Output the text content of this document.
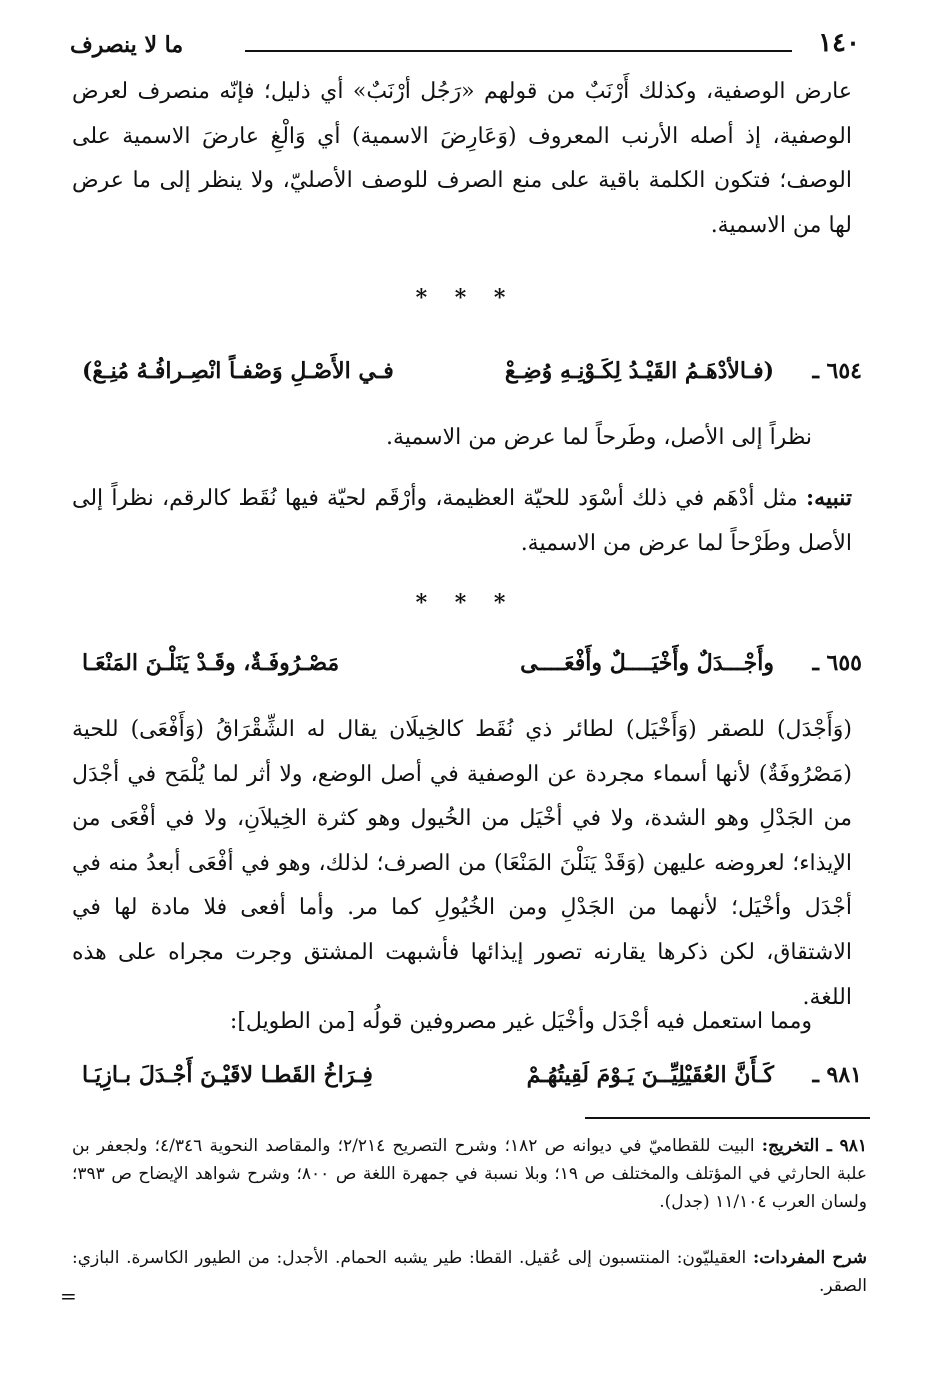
١٤٠
ما لا ينصرف
عارض الوصفية، وكذلك أَرْنَبٌ من قولهم «رَجُل أرْنَبٌ» أي ذليل؛ فإنّه منصرف لعرض الوصفية، إذ أصله الأرنب المعروف (وَعَارِضَ الاسمية) أي وَالْغِ عارضَ الاسمية على الوصف؛ فتكون الكلمة باقية على منع الصرف للوصف الأصليّ، ولا ينظر إلى ما عرض لها من الاسمية.
* * *
٦٥٤ ـ
(فـالأدْهَـمُ القَيْـدُ لِكَـوْنِـهِ وُضِـعْ
فـي الأَصْـلِ وَصْفـاً انْصِـرافُـهُ مُنِـعْ)
نظراً إلى الأصل، وطَرحاً لما عرض من الاسمية.
تنبيه: مثل أدْهَم في ذلك أسْوَد للحيّة العظيمة، وأرْقَم لحيّة فيها نُقَط كالرقم، نظراً إلى الأصل وطَرْحاً لما عرض من الاسمية.
* * *
٦٥٥ ـ
وأَجْـــدَلٌ وأَخْيَــــلٌ وأَفْعَــــى
مَصْـرُوفَـةٌ، وقَـدْ يَنَلْـنَ المَنْعَـا
(وَأَجْدَل) للصقر (وَأَخْيَل) لطائر ذي نُقَط كالخِيلَان يقال له الشِّقْرَاقُ (وَأَفْعَى) للحية (مَصْرُوفَةٌ) لأنها أسماء مجردة عن الوصفية في أصل الوضع، ولا أثر لما يُلْمَح في أجْدَل من الجَدْلِ وهو الشدة، ولا في أخْيَل من الخُيول وهو كثرة الخِيلاَنِ، ولا في أفْعَى من الإيذاء؛ لعروضه عليهن (وَقَدْ يَنَلْنَ المَنْعَا) من الصرف؛ لذلك، وهو في أفْعَى أبعدُ منه في أجْدَل وأخْيَل؛ لأنهما من الجَدْلِ ومن الخُيُولِ كما مر. وأما أفعى فلا مادة لها في الاشتقاق، لكن ذكرها يقارنه تصور إيذائها فأشبهت المشتق وجرت مجراه على هذه اللغة.
ومما استعمل فيه أجْدَل وأخْيَل غير مصروفين قولُه [من الطويل]:
٩٨١ ـ
كَـأَنَّ العُقَيْلِيِّــنَ يَـوْمَ لَقِيتُهُـمْ
فِـرَاخُ القَطـا لاقَيْـنَ أَجْـدَلَ بـازِيَـا
٩٨١ ـ التخريج: البيت للقطاميّ في ديوانه ص ١٨٢؛ وشرح التصريح ٢/٢١٤؛ والمقاصد النحوية ٤/٣٤٦؛ ولجعفر بن علبة الحارثي في المؤتلف والمختلف ص ١٩؛ وبلا نسبة في جمهرة اللغة ص ٨٠٠؛ وشرح شواهد الإيضاح ص ٣٩٣؛ ولسان العرب ١١/١٠٤ (جدل).
شرح المفردات: العقيليّون: المنتسبون إلى عُقيل. القطا: طير يشبه الحمام. الأجدل: من الطيور الكاسرة. البازي: الصقر.
=
